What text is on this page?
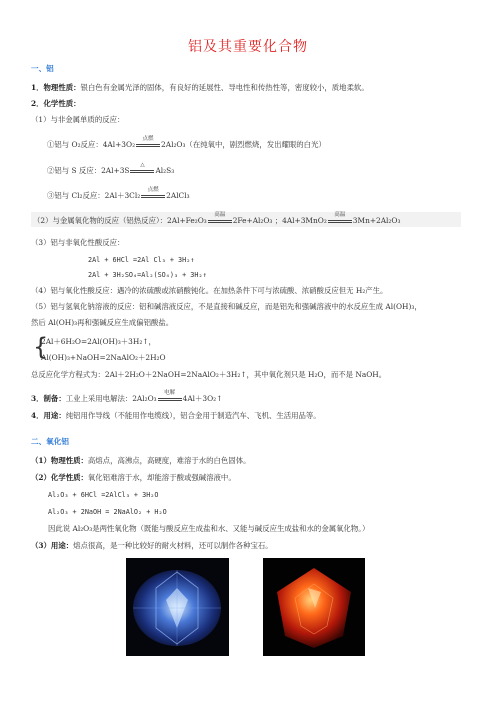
铝及其重要化合物
一、铝
1．物理性质：银白色有金属光泽的固体，有良好的延展性、导电性和传热性等，密度较小，质地柔软。
2．化学性质：
（1）与非金属单质的反应：
①铝与 O₂反应：4Al+3O₂
点燃
2Al₂O₃（在纯氧中，剧烈燃烧，发出耀眼的白光）
②铝与 S 反应：2Al+3S
△
Al₂S₃
③铝与 Cl₂反应：2Al＋3Cl₂
点燃
2AlCl₃
（2）与金属氧化物的反应（铝热反应）：2Al+Fe₂O₃
高温
2Fe+Al₂O₃ ；4Al+3MnO₂
高温
3Mn+2Al₂O₃
（3）铝与非氧化性酸反应：
2Al + 6HCl =2Al Cl₃ + 3H₂↑
2Al + 3H₂SO₄=Al₂(SO₄)₃ + 3H₂↑
（4）铝与氧化性酸反应：遇冷的浓硫酸或浓硝酸钝化。在加热条件下可与浓硫酸、浓硝酸反应但无 H₂产生。
（5）铝与氢氧化钠溶液的反应：铝和碱溶液反应，不是直接和碱反应，而是铝先和强碱溶液中的水反应生成 Al(OH)₃，
然后 Al(OH)₃再和强碱反应生成偏铝酸盐。
{
2Al＋6H₂O=2Al(OH)₃＋3H₂↑，
Al(OH)₃+NaOH=2NaAlO₂＋2H₂O
总反应化学方程式为：2Al＋2H₂O＋2NaOH=2NaAlO₂＋3H₂↑，其中氧化剂只是 H₂O，而不是 NaOH。
3．制备：工业上采用电解法：2Al₂O₃
电解
4Al＋3O₂↑
4．用途：纯铝用作导线（不能用作电缆线），铝合金用于制造汽车、飞机、生活用品等。
二、氧化铝
（1）物理性质：高熔点，高沸点，高硬度，难溶于水的白色固体。
（2）化学性质：氧化铝难溶于水，却能溶于酸或强碱溶液中。
Al₂O₃ + 6HCl =2AlCl₃ + 3H₂O
Al₂O₃ + 2NaOH = 2NaAlO₂ + H₂O
因此说 Al₂O₃是两性氧化物（既能与酸反应生成盐和水、又能与碱反应生成盐和水的金属氧化物。）
（3）用途：熔点很高，是一种比较好的耐火材料，还可以制作各种宝石。
